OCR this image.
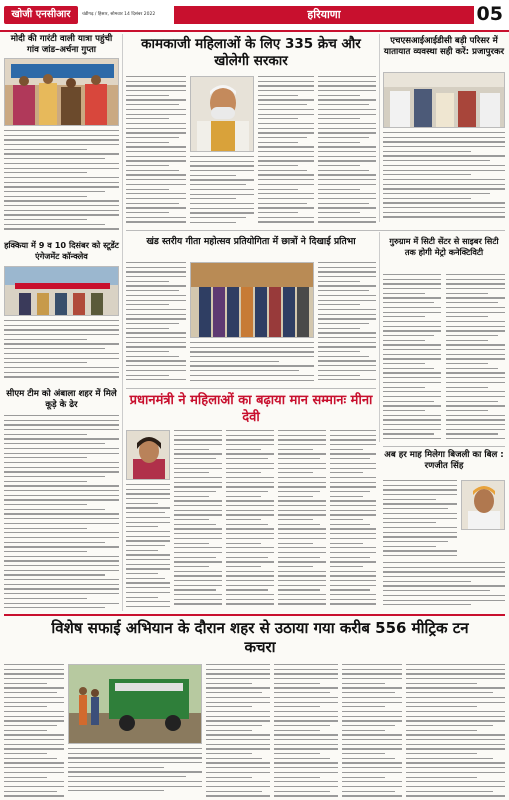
खोजी एनसीआर	चंडीगढ़ / हिसार, सोमवार 14 दिसंबर 2022	हरियाणा	05
मोदी की गारंटी वाली यात्रा पहुंची गांव जांड–अर्चना गुप्ता
हक्किया में 9 व 10 दिसंबर को स्टूडेंट एंगेजमेंट कॉन्क्लेव
सीएम टीम को अंबाला शहर में मिले कूड़े के ढेर
कामकाजी महिलाओं के लिए 335 क्रेच और खोलेगी सरकार
एचएसआईआईडीसी बड़ी परिसर में यातायात व्यवस्था सही करें: प्रजापुरकर
खंड स्तरीय गीता महोत्सव प्रतियोगिता में छात्रों ने दिखाई प्रतिभा	गुरुग्राम में सिटी सेंटर से साइबर सिटी तक होगी मेट्रो कनेक्टिविटी
प्रधानमंत्री ने महिलाओं का बढ़ाया मान सम्मानः मीना देवी
अब हर माह मिलेगा बिजली का बिल : रणजीत सिंह
विशेष सफाई अभियान के दौरान शहर से उठाया गया करीब 556 मीट्रिक टन कचरा
